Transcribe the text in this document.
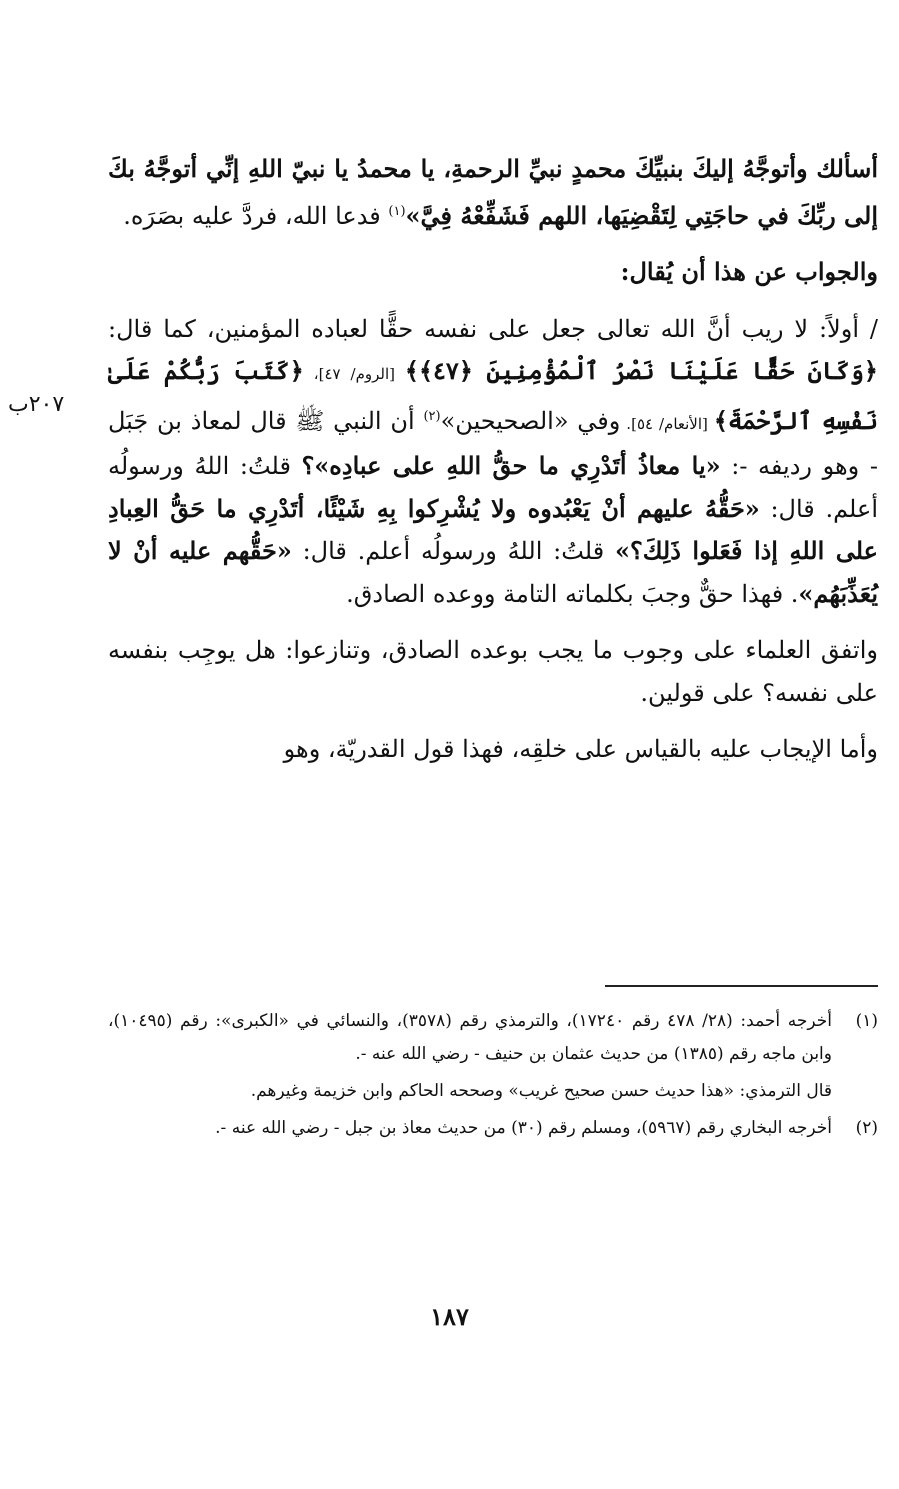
٢٠٧ب

أسألك وأتوجَّهُ إليكَ بنبيِّكَ محمدٍ نبيِّ الرحمةِ، يا محمدُ يا نبيّ اللهِ إنِّي أتوجَّهُ بكَ إلى ربِّكَ في حاجَتِي لِتَقْضِيَها، اللهم فَشَفِّعْهُ فِيَّ»$^{(١)}$ فدعا الله، فردَّ عليه بصَرَه.

والجواب عن هذا أن يُقال:

/ أولاً: لا ريب أنَّ الله تعالى جعل على نفسه حقًّا لعباده المؤمنين، كما قال: ﴿وَكَانَ حَقًّا عَلَيْنَا نَصْرُ ٱلْمُؤْمِنِينَ ﴿٤٧﴾﴾ [الروم/ ٤٧]، ﴿كَتَبَ رَبُّكُمْ عَلَىٰ نَفْسِهِ ٱلرَّحْمَةَ﴾ [الأنعام/ ٥٤]. وفي «الصحيحين»$^{(٢)}$ أن النبي ﷺ قال لمعاذ بن جَبَل - وهو رديفه -: «يا معاذُ أتَدْرِي ما حقُّ اللهِ على عبادِه»؟ قلتُ: اللهُ ورسولُه أعلم. قال: «حَقُّهُ عليهم أنْ يَعْبُدوه ولا يُشْرِكوا بِهِ شَيْئًا، أتَدْرِي ما حَقُّ العِبادِ على اللهِ إذا فَعَلوا ذَلِكَ؟» قلتُ: اللهُ ورسولُه أعلم. قال: «حَقُّهم عليه أنْ لا يُعَذِّبَهُم». فهذا حقٌّ وجبَ بكلماته التامة ووعده الصادق.

واتفق العلماء على وجوب ما يجب بوعده الصادق، وتنازعوا: هل يوجِب بنفسه على نفسه؟ على قولين.

وأما الإيجاب عليه بالقياس على خلقِه، فهذا قول القدريّة، وهو

(١)
أخرجه أحمد: (٢٨/ ٤٧٨ رقم ١٧٢٤٠)، والترمذي رقم (٣٥٧٨)، والنسائي في «الكبرى»: رقم (١٠٤٩٥)، وابن ماجه رقم (١٣٨٥) من حديث عثمان بن حنيف - رضي الله عنه -.
قال الترمذي: «هذا حديث حسن صحيح غريب» وصححه الحاكم وابن خزيمة وغيرهم.
(٢)
أخرجه البخاري رقم (٥٩٦٧)، ومسلم رقم (٣٠) من حديث معاذ بن جبل - رضي الله عنه -.
١٨٧
